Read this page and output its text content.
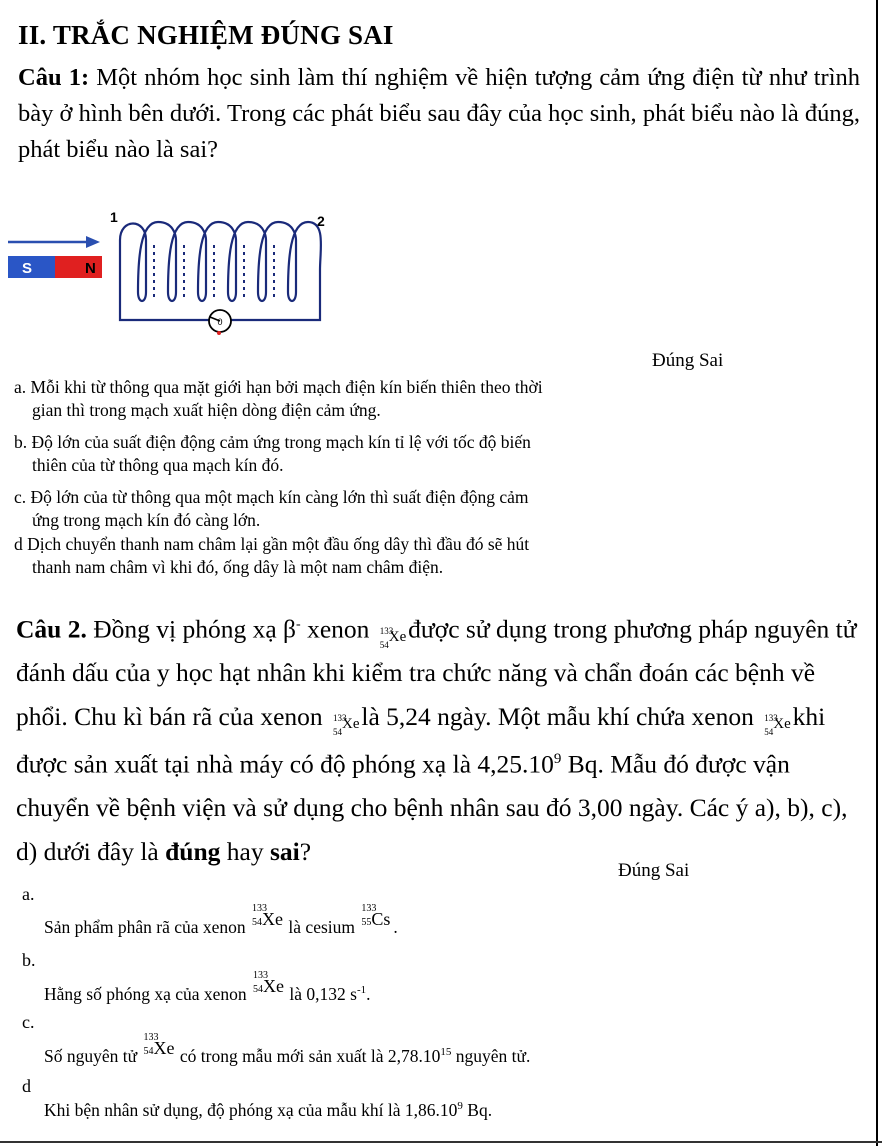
II. TRẮC NGHIỆM ĐÚNG SAI
Câu 1: Một nhóm học sinh làm thí nghiệm về hiện tượng cảm ứng điện từ như trình bày ở hình bên dưới. Trong các phát biểu sau đây của học sinh, phát biểu nào là đúng, phát biểu nào là sai?
S	N
1	2
0
Đúng Sai
a. Mỗi khi từ thông qua mặt giới hạn bởi mạch điện kín biến thiên theo thời
gian thì trong mạch xuất hiện dòng điện cảm ứng.
b. Độ lớn của suất điện động cảm ứng trong mạch kín tỉ lệ với tốc độ biến
thiên của từ thông qua mạch kín đó.
c. Độ lớn của từ thông qua một mạch kín càng lớn thì suất điện động cảm
ứng trong mạch kín đó càng lớn.
d Dịch chuyển thanh nam châm lại gần một đầu ống dây thì đầu đó sẽ hút
thanh nam châm vì khi đó, ống dây là một nam châm điện.
Câu 2. Đồng vị phóng xạ β- xenon 133
54 Xe
được sử dụng trong phương pháp nguyên tử đánh dấu của y học hạt nhân khi kiểm tra chức năng và chẩn đoán các bệnh về phổi. Chu kì bán rã của xenon 133
54 Xe
là 5,24 ngày. Một mẫu khí chứa xenon 133
54 Xe
khi được sản xuất tại nhà máy có độ phóng xạ là 4,25.10$^9$ Bq. Mẫu đó được vận chuyển về bệnh viện và sử dụng cho bệnh nhân sau đó 3,00 ngày. Các ý a), b), c), d) dưới đây là đúng hay sai?
Đúng Sai
a.
Sản phẩm phân rã của xenon
133
54 Xe là cesium
133
55 Cs .
b.
Hằng số phóng xạ của xenon
133
54 Xe là 0,132 $s^{-1}$.
c.
Số nguyên tử
133
54 Xe có trong mẫu mới sản xuất là 2,78.10$^{15}$ nguyên tử.
d
Khi bện nhân sử dụng, độ phóng xạ của mẫu khí là 1,86.10$^9$ Bq.
